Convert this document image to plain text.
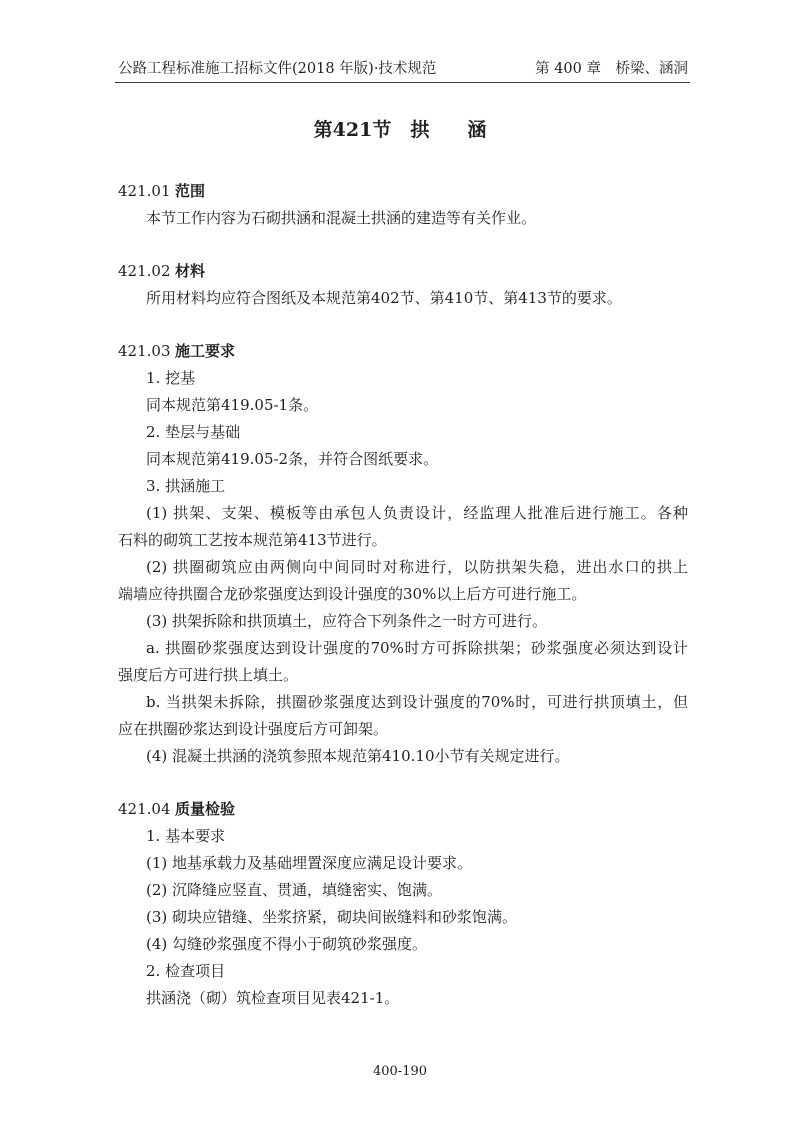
公路工程标准施工招标文件(2018 年版)·技术规范	第 400 章　桥梁、涵洞
第421节　拱　　涵
421.01 范围
本节工作内容为石砌拱涵和混凝土拱涵的建造等有关作业。
421.02 材料
所用材料均应符合图纸及本规范第402节、第410节、第413节的要求。
421.03 施工要求
1. 挖基
同本规范第419.05-1条。
2. 垫层与基础
同本规范第419.05-2条，并符合图纸要求。
3. 拱涵施工
(1) 拱架、支架、模板等由承包人负责设计，经监理人批准后进行施工。各种
石料的砌筑工艺按本规范第413节进行。
(2) 拱圈砌筑应由两侧向中间同时对称进行，以防拱架失稳，进出水口的拱上
端墙应待拱圈合龙砂浆强度达到设计强度的30%以上后方可进行施工。
(3) 拱架拆除和拱顶填土，应符合下列条件之一时方可进行。
a. 拱圈砂浆强度达到设计强度的70%时方可拆除拱架；砂浆强度必须达到设计
强度后方可进行拱上填土。
b. 当拱架未拆除，拱圈砂浆强度达到设计强度的70%时，可进行拱顶填土，但
应在拱圈砂浆达到设计强度后方可卸架。
(4) 混凝土拱涵的浇筑参照本规范第410.10小节有关规定进行。
421.04 质量检验
1. 基本要求
(1) 地基承载力及基础埋置深度应满足设计要求。
(2) 沉降缝应竖直、贯通，填缝密实、饱满。
(3) 砌块应错缝、坐浆挤紧，砌块间嵌缝料和砂浆饱满。
(4) 勾缝砂浆强度不得小于砌筑砂浆强度。
2. 检查项目
拱涵浇（砌）筑检查项目见表421-1。
400-190
